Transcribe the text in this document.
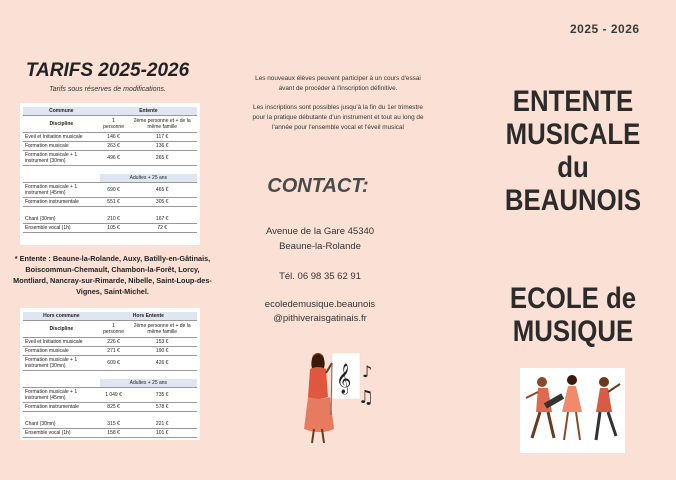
2025 - 2026
TARIFS 2025-2026
Tarifs sous réserves de modifications.
Commune	Entente	
Discipline	1 personne	2ème personne et + de la même famille
Eveil et Initiation musicale	146 €	117 €
Formation musicale	263 €	136 €
Formation musicale + 1 instrument (30mn)	496 €	265 €

	Adultes + 25 ans	
Formation musicale + 1 instrument (45mn)	690 €	465 €
Formation instrumentale	551 €	305 €

Chant (30mn)	210 €	167 €
Ensemble vocal (1h)	105 €	72 €
* Entente : Beaune-la-Rolande, Auxy, Batilly-en-Gâtinais, Boiscommun-Chemault, Chambon-la-Forêt, Lorcy, Montliard, Nancray-sur-Rimarde, Nibelle, Saint-Loup-des-Vignes, Saint-Michel.
Hors commune	Hors Entente	
Discipline	1 personne	2ème personne et + de la même famille
Eveil et Initiation musicale	226 €	153 €
Formation musicale	271 €	190 €
Formation musicale + 1 instrument (30mn)	609 €	426 €

	Adultes + 25 ans	
Formation musicale + 1 instrument (45mn)	1 049 €	735 €
Formation instrumentale	825 €	578 €

Chant (30mn)	315 €	221 €
Ensemble vocal (1h)	158 €	101 €
Les nouveaux élèves peuvent participer à un cours d'essai avant de procéder à l'inscription définitive.
Les inscriptions sont possibles jusqu'à la fin du 1er trimestre pour la pratique débutante d'un instrument et tout au long de l'année pour l'ensemble vocal et l'éveil musical
CONTACT:
Avenue de la Gare 45340
Beaune-la-Rolande
Tél. 06 98 35 62 91
ecoledemusique.beaunois
@pithiveraisgatinais.fr
𝄞 ♪
♫
ENTENTE
MUSICALE
du
BEAUNOIS
ECOLE de
MUSIQUE
